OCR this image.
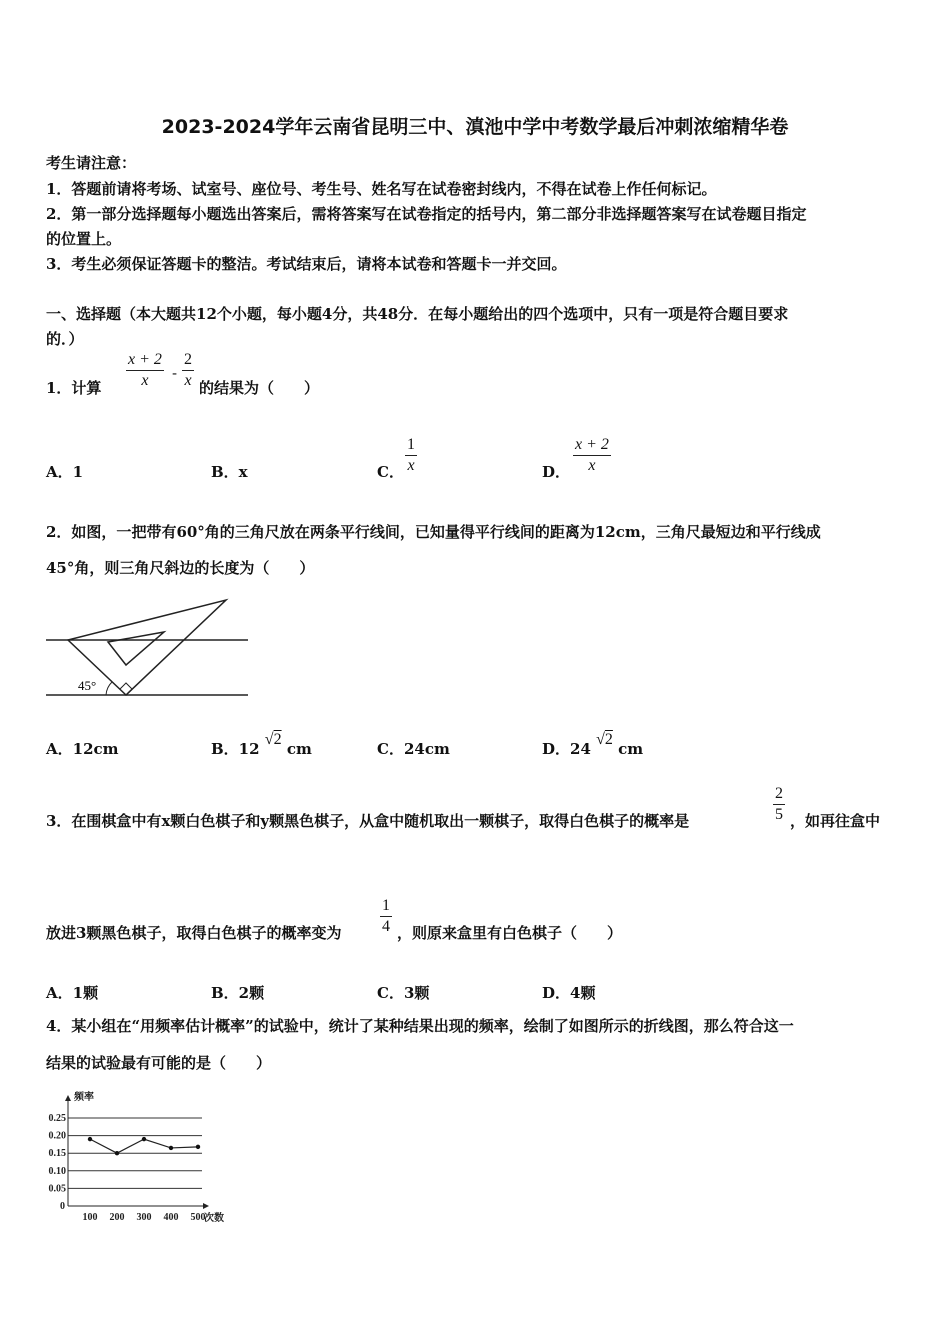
2023-2024学年云南省昆明三中、滇池中学中考数学最后冲刺浓缩精华卷
考生请注意：
1．答题前请将考场、试室号、座位号、考生号、姓名写在试卷密封线内，不得在试卷上作任何标记。
2．第一部分选择题每小题选出答案后，需将答案写在试卷指定的括号内，第二部分非选择题答案写在试卷题目指定
的位置上。
3．考生必须保证答题卡的整洁。考试结束后，请将本试卷和答题卡一并交回。
一、选择题（本大题共12个小题，每小题4分，共48分．在每小题给出的四个选项中，只有一项是符合题目要求
的．）
1．计算 $\frac{x + 2}{x} - \frac{2}{x}$ 的结果为（　　）
A．1	B．x	C． $\frac{1}{x}$	D． $\frac{x + 2}{x}$
2．如图，一把带有60°角的三角尺放在两条平行线间，已知量得平行线间的距离为12cm，三角尺最短边和平行线成
45°角，则三角尺斜边的长度为（　　）
45°
A．12cm	B．12 √2 cm	C．24cm	D．24 √2 cm
3．在围棋盒中有x颗白色棋子和y颗黑色棋子，从盒中随机取出一颗棋子，取得白色棋子的概率是	$\frac{2}{5}$ ，如再往盒中
放进3颗黑色棋子，取得白色棋子的概率变为 $\frac{1}{4}$ ，则原来盒里有白色棋子（　　）
A．1颗	B．2颗	C．3颗	D．4颗
4．某小组在“用频率估计概率”的试验中，统计了某种结果出现的频率，绘制了如图所示的折线图，那么符合这一
结果的试验最有可能的是（　　）
0.25
0.20
0.15
0.10
0.05
频率
次数
0
100 200 300 400 500
